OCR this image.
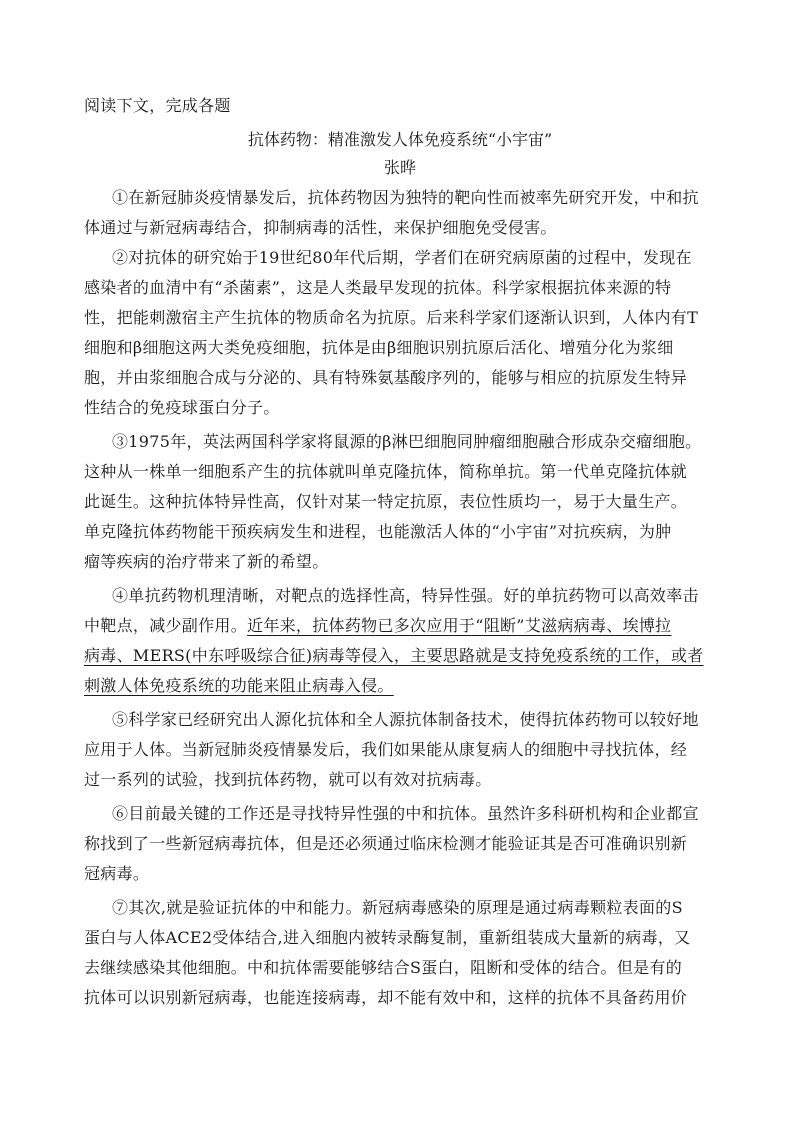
阅读下文，完成各题
抗体药物：精准激发人体免疫系统“小宇宙”
张晔
①在新冠肺炎疫情暴发后，抗体药物因为独特的靶向性而被率先研究开发，中和抗
体通过与新冠病毒结合，抑制病毒的活性，来保护细胞免受侵害。
②对抗体的研究始于19世纪80年代后期，学者们在研究病原菌的过程中，发现在
感染者的血清中有“杀菌素”，这是人类最早发现的抗体。科学家根据抗体来源的特
性，把能刺激宿主产生抗体的物质命名为抗原。后来科学家们逐渐认识到，人体内有T
细胞和β细胞这两大类免疫细胞，抗体是由β细胞识别抗原后活化、增殖分化为浆细
胞，并由浆细胞合成与分泌的、具有特殊氨基酸序列的，能够与相应的抗原发生特异
性结合的免疫球蛋白分子。
③1975年，英法两国科学家将鼠源的β淋巴细胞同肿瘤细胞融合形成杂交瘤细胞。
这种从一株单一细胞系产生的抗体就叫单克隆抗体，简称单抗。第一代单克隆抗体就
此诞生。这种抗体特异性高，仅针对某一特定抗原，表位性质均一，易于大量生产。
单克隆抗体药物能干预疾病发生和进程，也能激活人体的“小宇宙”对抗疾病，为肿
瘤等疾病的治疗带来了新的希望。
④单抗药物机理清晰，对靶点的选择性高，特异性强。好的单抗药物可以高效率击
中靶点，减少副作用。近年来，抗体药物已多次应用于“阻断”艾滋病病毒、埃博拉
病毒、MERS(中东呼吸综合征)病毒等侵入，主要思路就是支持免疫系统的工作，或者
刺激人体免疫系统的功能来阻止病毒入侵。
⑤科学家已经研究出人源化抗体和全人源抗体制备技术，使得抗体药物可以较好地
应用于人体。当新冠肺炎疫情暴发后，我们如果能从康复病人的细胞中寻找抗体，经
过一系列的试验，找到抗体药物，就可以有效对抗病毒。
⑥目前最关键的工作还是寻找特异性强的中和抗体。虽然许多科研机构和企业都宣
称找到了一些新冠病毒抗体，但是还必须通过临床检测才能验证其是否可准确识别新
冠病毒。
⑦其次,就是验证抗体的中和能力。新冠病毒感染的原理是通过病毒颗粒表面的S
蛋白与人体ACE2受体结合,进入细胞内被转录酶复制，重新组装成大量新的病毒，又
去继续感染其他细胞。中和抗体需要能够结合S蛋白，阻断和受体的结合。但是有的
抗体可以识别新冠病毒，也能连接病毒，却不能有效中和，这样的抗体不具备药用价
